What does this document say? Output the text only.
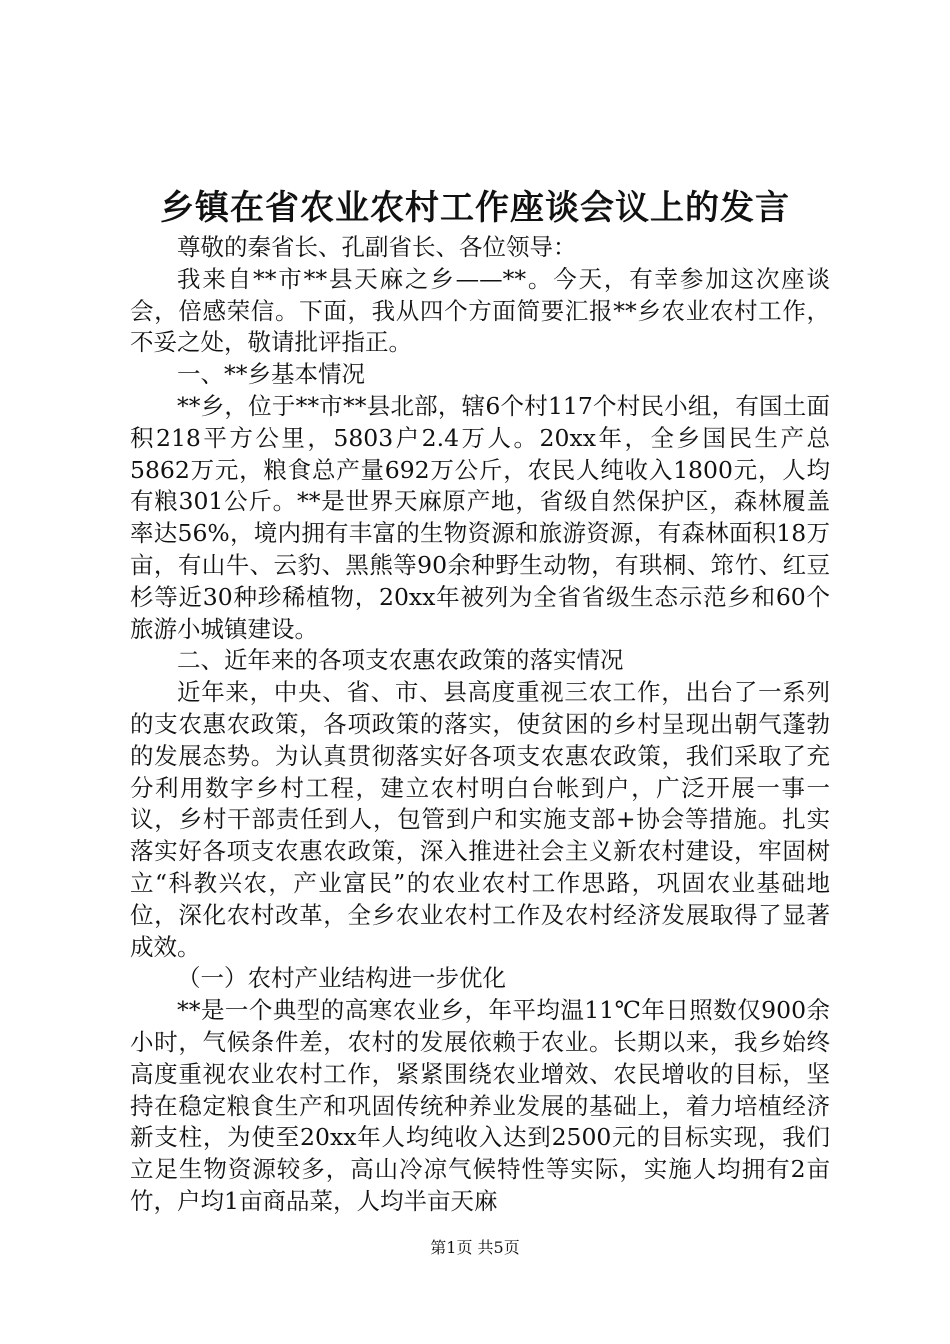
乡镇在省农业农村工作座谈会议上的发言

尊敬的秦省长、孔副省长、各位领导：

我来自**市**县天麻之乡——**。今天，有幸参加这次座谈会，倍感荣信。下面，我从四个方面简要汇报**乡农业农村工作，不妥之处，敬请批评指正。

一、**乡基本情况

**乡，位于**市**县北部，辖6个村117个村民小组，有国土面积218平方公里，5803户2.4万人。20xx年，全乡国民生产总5862万元，粮食总产量692万公斤，农民人纯收入1800元，人均有粮301公斤。**是世界天麻原产地，省级自然保护区，森林履盖率达56%，境内拥有丰富的生物资源和旅游资源，有森林面积18万亩，有山牛、云豹、黑熊等90余种野生动物，有珙桐、筇竹、红豆杉等近30种珍稀植物，20xx年被列为全省省级生态示范乡和60个旅游小城镇建设。

二、近年来的各项支农惠农政策的落实情况

近年来，中央、省、市、县高度重视三农工作，出台了一系列的支农惠农政策，各项政策的落实，使贫困的乡村呈现出朝气蓬勃的发展态势。为认真贯彻落实好各项支农惠农政策，我们采取了充分利用数字乡村工程，建立农村明白台帐到户，广泛开展一事一议，乡村干部责任到人，包管到户和实施支部+协会等措施。扎实落实好各项支农惠农政策，深入推进社会主义新农村建设，牢固树立“科教兴农，产业富民”的农业农村工作思路，巩固农业基础地位，深化农村改革，全乡农业农村工作及农村经济发展取得了显著成效。

（一）农村产业结构进一步优化

**是一个典型的高寒农业乡，年平均温11℃年日照数仅900余小时，气候条件差，农村的发展依赖于农业。长期以来，我乡始终高度重视农业农村工作，紧紧围绕农业增效、农民增收的目标，坚持在稳定粮食生产和巩固传统种养业发展的基础上，着力培植经济新支柱，为使至20xx年人均纯收入达到2500元的目标实现，我们立足生物资源较多，高山冷凉气候特性等实际，实施人均拥有2亩竹，户均1亩商品菜，人均半亩天麻

第1页 共5页
